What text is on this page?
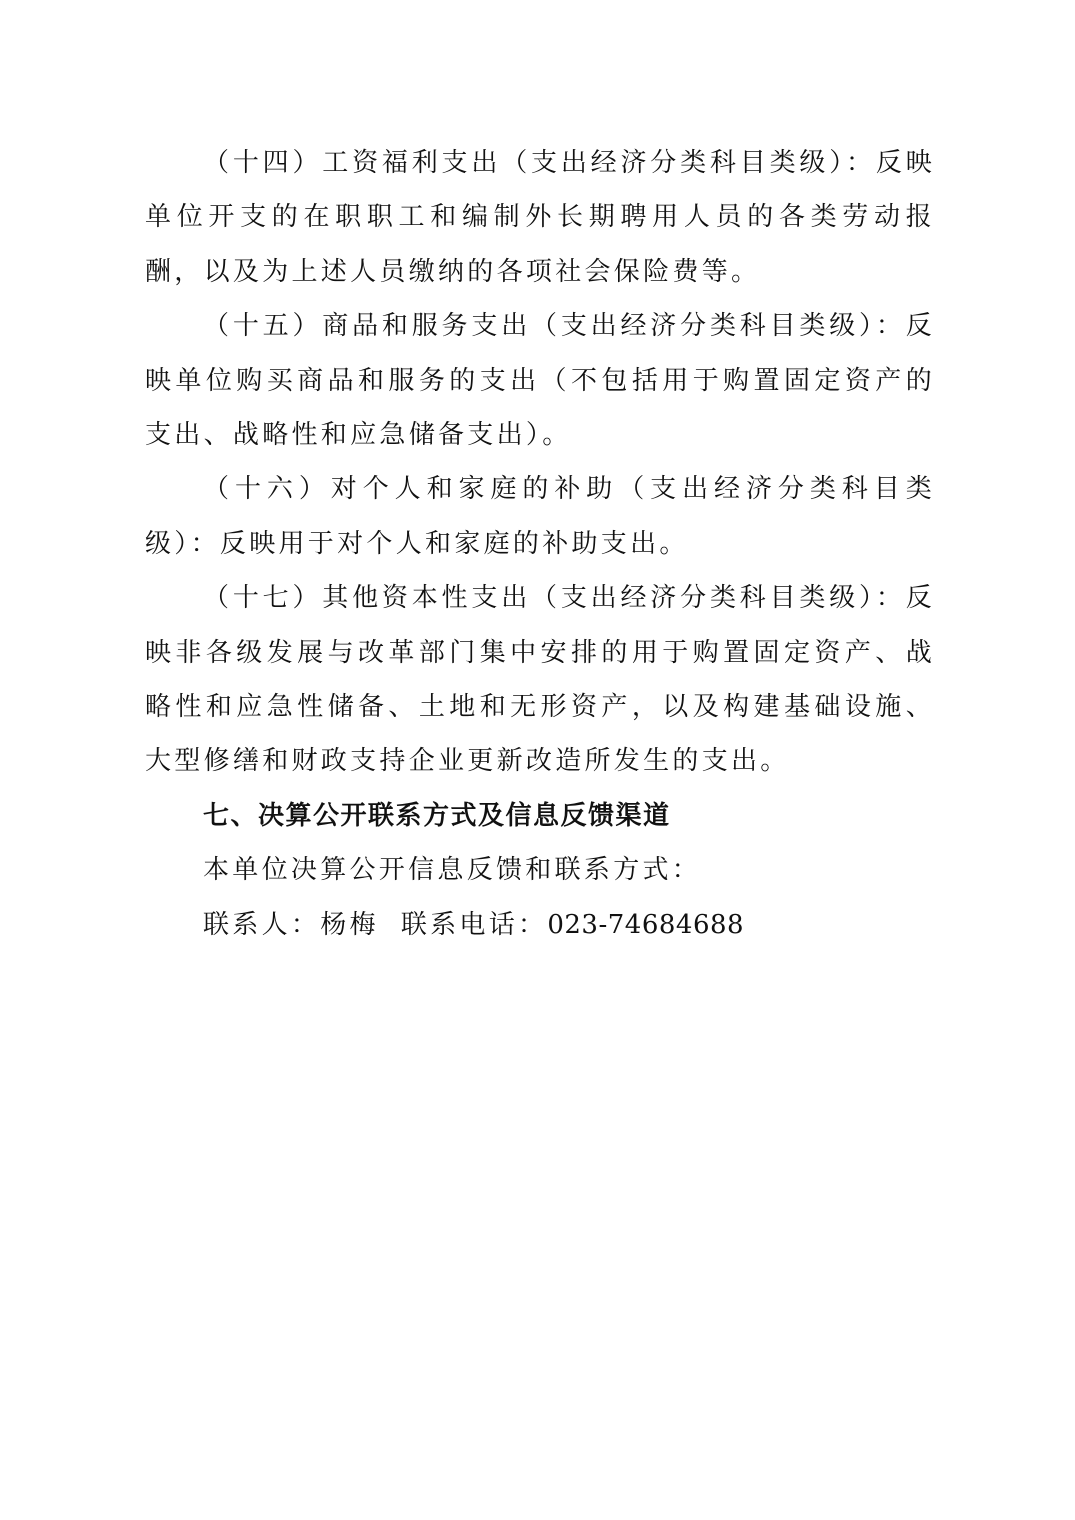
（十四）工资福利支出（支出经济分类科目类级）：反映单位开支的在职职工和编制外长期聘用人员的各类劳动报酬，以及为上述人员缴纳的各项社会保险费等。

（十五）商品和服务支出（支出经济分类科目类级）：反映单位购买商品和服务的支出（不包括用于购置固定资产的支出、战略性和应急储备支出）。

（十六）对个人和家庭的补助（支出经济分类科目类级）：反映用于对个人和家庭的补助支出。

（十七）其他资本性支出（支出经济分类科目类级）：反映非各级发展与改革部门集中安排的用于购置固定资产、战略性和应急性储备、土地和无形资产，以及构建基础设施、大型修缮和财政支持企业更新改造所发生的支出。

七、决算公开联系方式及信息反馈渠道

本单位决算公开信息反馈和联系方式：

联系人：杨梅 联系电话：023-74684688
